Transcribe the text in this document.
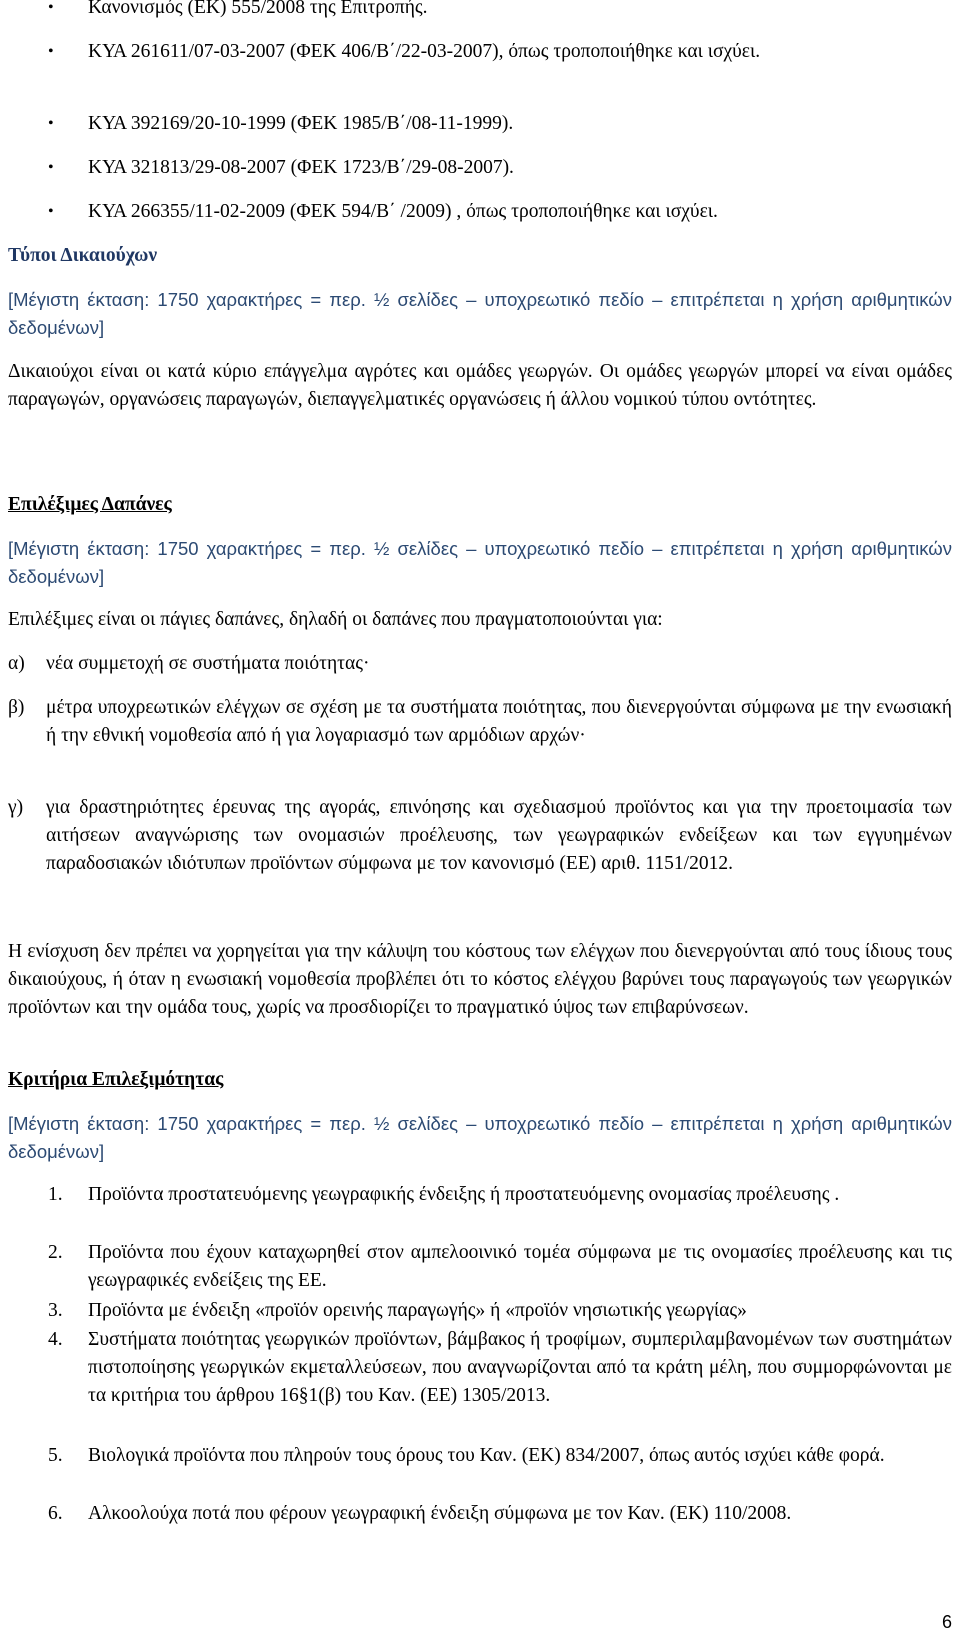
• Κανονισμός (ΕΚ) 555/2008 της Επιτροπής.

• ΚΥΑ 261611/07-03-2007 (ΦΕΚ 406/Β΄/22-03-2007), όπως τροποποιήθηκε και ισχύει.

• ΚΥΑ 392169/20-10-1999 (ΦΕΚ 1985/Β΄/08-11-1999).

• ΚΥΑ 321813/29-08-2007 (ΦΕΚ 1723/Β΄/29-08-2007).

• ΚΥΑ 266355/11-02-2009 (ΦΕΚ 594/Β΄ /2009) , όπως τροποποιήθηκε και ισχύει.

Τύποι Δικαιούχων

[Μέγιστη έκταση: 1750 χαρακτήρες = περ. ½ σελίδες – υποχρεωτικό πεδίο – επιτρέπεται η χρήση αριθμητικών δεδομένων]

Δικαιούχοι είναι οι κατά κύριο επάγγελμα αγρότες και ομάδες γεωργών. Οι ομάδες γεωργών μπορεί να είναι ομάδες παραγωγών, οργανώσεις παραγωγών, διεπαγγελματικές οργανώσεις ή άλλου νομικού τύπου οντότητες.

Επιλέξιμες Δαπάνες

[Μέγιστη έκταση: 1750 χαρακτήρες = περ. ½ σελίδες – υποχρεωτικό πεδίο – επιτρέπεται η χρήση αριθμητικών δεδομένων]

Επιλέξιμες είναι οι πάγιες δαπάνες, δηλαδή οι δαπάνες που πραγματοποιούνται για:

α) νέα συμμετοχή σε συστήματα ποιότητας·

β) μέτρα υποχρεωτικών ελέγχων σε σχέση με τα συστήματα ποιότητας, που διενεργούνται σύμφωνα με την ενωσιακή ή την εθνική νομοθεσία από ή για λογαριασμό των αρμόδιων αρχών·

γ) για δραστηριότητες έρευνας της αγοράς, επινόησης και σχεδιασμού προϊόντος και για την προετοιμασία των αιτήσεων αναγνώρισης των ονομασιών προέλευσης, των γεωγραφικών ενδείξεων και των εγγυημένων παραδοσιακών ιδιότυπων προϊόντων σύμφωνα με τον κανονισμό (ΕΕ) αριθ. 1151/2012.

Η ενίσχυση δεν πρέπει να χορηγείται για την κάλυψη του κόστους των ελέγχων που διενεργούνται από τους ίδιους τους δικαιούχους, ή όταν η ενωσιακή νομοθεσία προβλέπει ότι το κόστος ελέγχου βαρύνει τους παραγωγούς των γεωργικών προϊόντων και την ομάδα τους, χωρίς να προσδιορίζει το πραγματικό ύψος των επιβαρύνσεων.

Κριτήρια Επιλεξιμότητας

[Μέγιστη έκταση: 1750 χαρακτήρες = περ. ½ σελίδες – υποχρεωτικό πεδίο – επιτρέπεται η χρήση αριθμητικών δεδομένων]

1. Προϊόντα προστατευόμενης γεωγραφικής ένδειξης ή προστατευόμενης ονομασίας προέλευσης .

2. Προϊόντα που έχουν καταχωρηθεί στον αμπελοοινικό τομέα σύμφωνα με τις ονομασίες προέλευσης και τις γεωγραφικές ενδείξεις της ΕΕ.

3. Προϊόντα με ένδειξη «προϊόν ορεινής παραγωγής» ή «προϊόν νησιωτικής γεωργίας»

4. Συστήματα ποιότητας γεωργικών προϊόντων, βάμβακος ή τροφίμων, συμπεριλαμβανομένων των συστημάτων πιστοποίησης γεωργικών εκμεταλλεύσεων, που αναγνωρίζονται από τα κράτη μέλη, που συμμορφώνονται με τα κριτήρια του άρθρου 16§1(β) του Καν. (ΕΕ) 1305/2013.

5. Βιολογικά προϊόντα που πληρούν τους όρους του Καν. (ΕΚ) 834/2007, όπως αυτός ισχύει κάθε φορά.

6. Αλκοολούχα ποτά που φέρουν γεωγραφική ένδειξη σύμφωνα με τον Καν. (ΕΚ) 110/2008.

6
